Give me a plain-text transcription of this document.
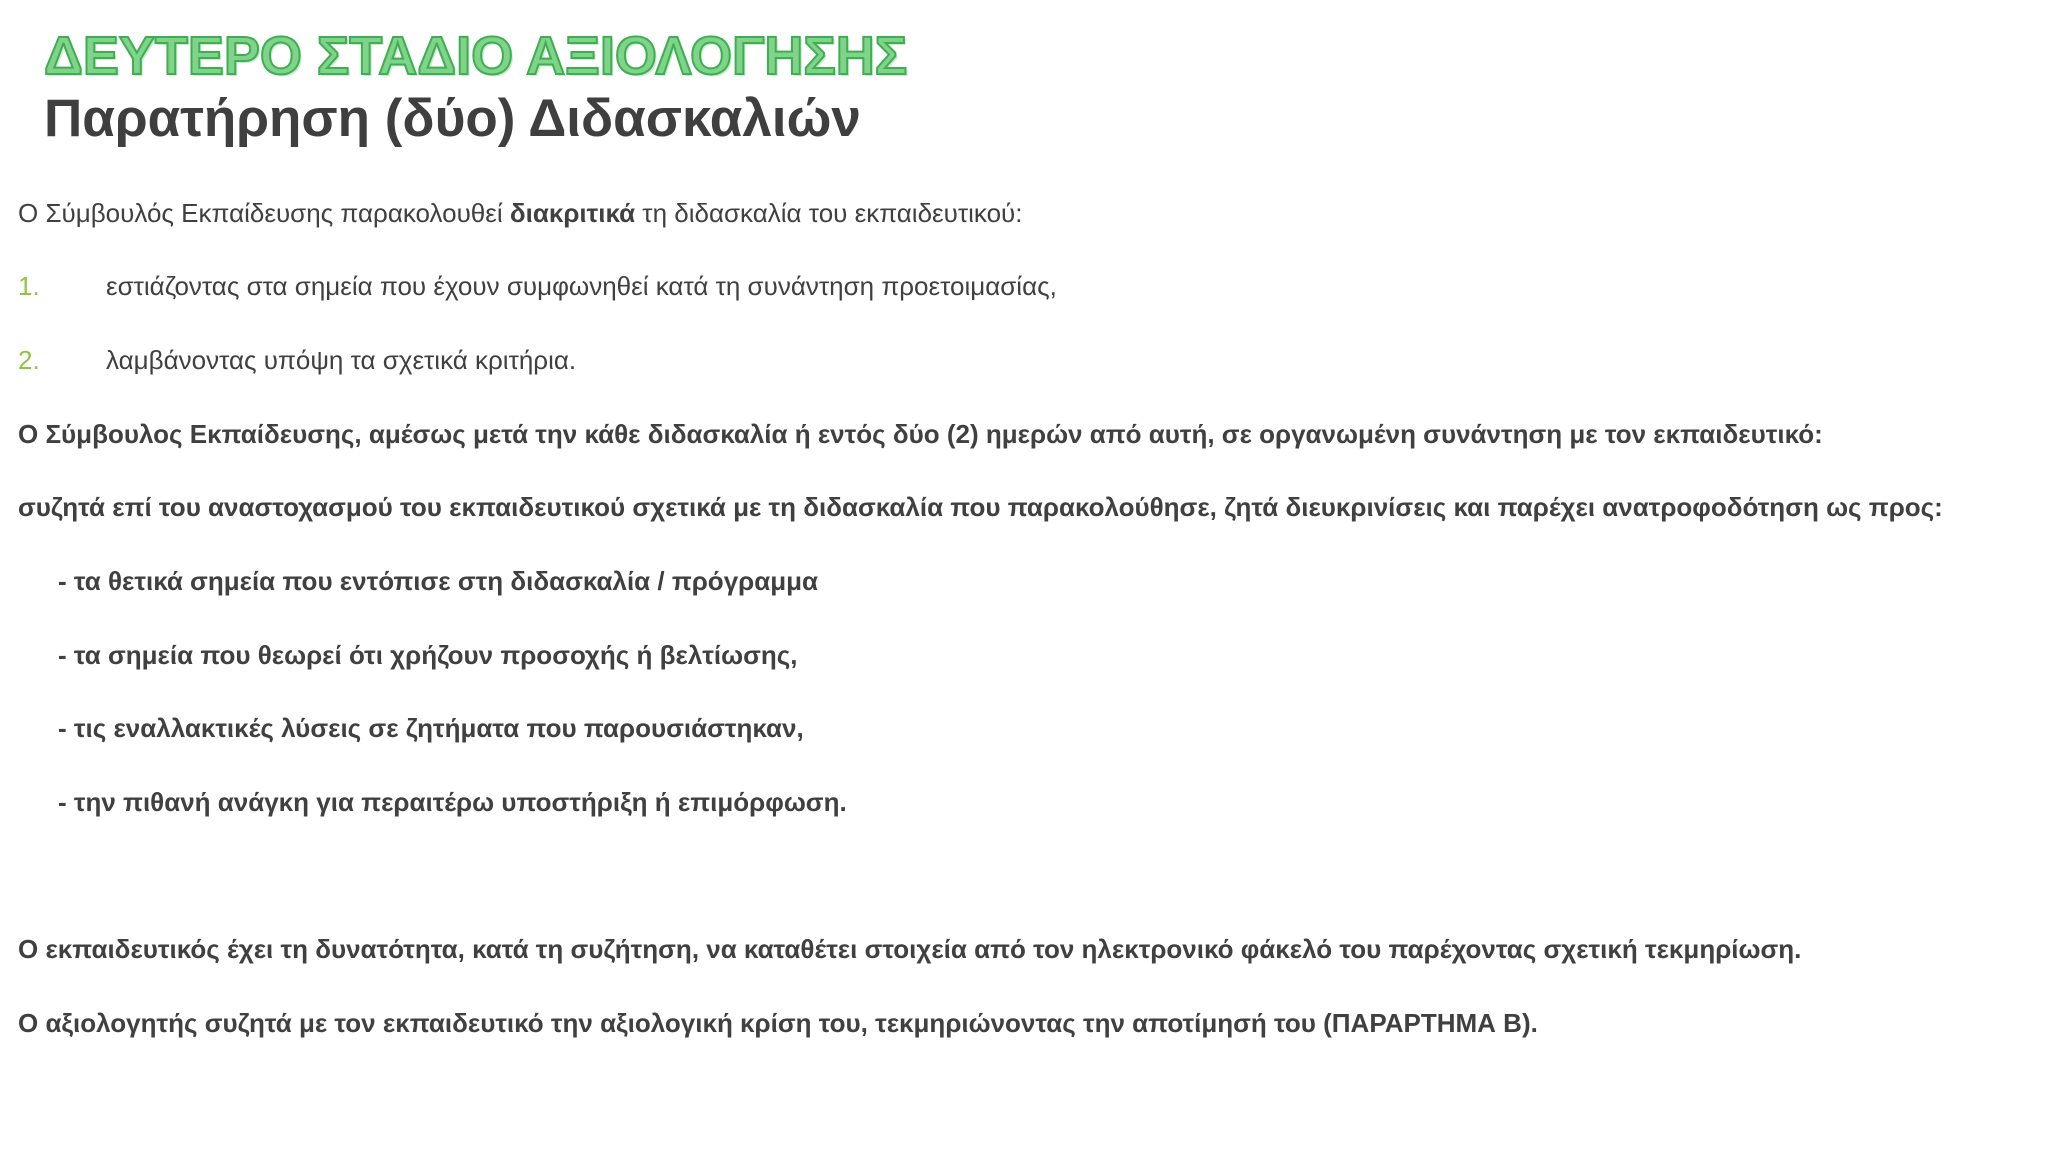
ΔΕΥΤΕΡΟ ΣΤΑΔΙΟ ΑΞΙΟΛΟΓΗΣΗΣ
Παρατήρηση (δύο) Διδασκαλιών

Ο Σύμβουλός Εκπαίδευσης παρακολουθεί διακριτικά τη διδασκαλία του εκπαιδευτικού:

1.	εστιάζοντας στα σημεία που έχουν συμφωνηθεί κατά τη συνάντηση προετοιμασίας,

2.	λαμβάνοντας υπόψη τα σχετικά κριτήρια.

Ο Σύμβουλος Εκπαίδευσης, αμέσως μετά την κάθε διδασκαλία ή εντός δύο (2) ημερών από αυτή, σε οργανωμένη συνάντηση με τον εκπαιδευτικό:

συζητά επί του αναστοχασμού του εκπαιδευτικού σχετικά με τη διδασκαλία που παρακολούθησε, ζητά διευκρινίσεις και παρέχει ανατροφοδότηση ως προς:

- τα θετικά σημεία που εντόπισε στη διδασκαλία / πρόγραμμα

- τα σημεία που θεωρεί ότι χρήζουν προσοχής ή βελτίωσης,

- τις εναλλακτικές λύσεις σε ζητήματα που παρουσιάστηκαν,

- την πιθανή ανάγκη για περαιτέρω υποστήριξη ή επιμόρφωση.

Ο εκπαιδευτικός έχει τη δυνατότητα, κατά τη συζήτηση, να καταθέτει στοιχεία από τον ηλεκτρονικό φάκελό του παρέχοντας σχετική τεκμηρίωση.

Ο αξιολογητής συζητά με τον εκπαιδευτικό την αξιολογική κρίση του, τεκμηριώνοντας την αποτίμησή του (ΠΑΡΑΡΤΗΜΑ Β).
